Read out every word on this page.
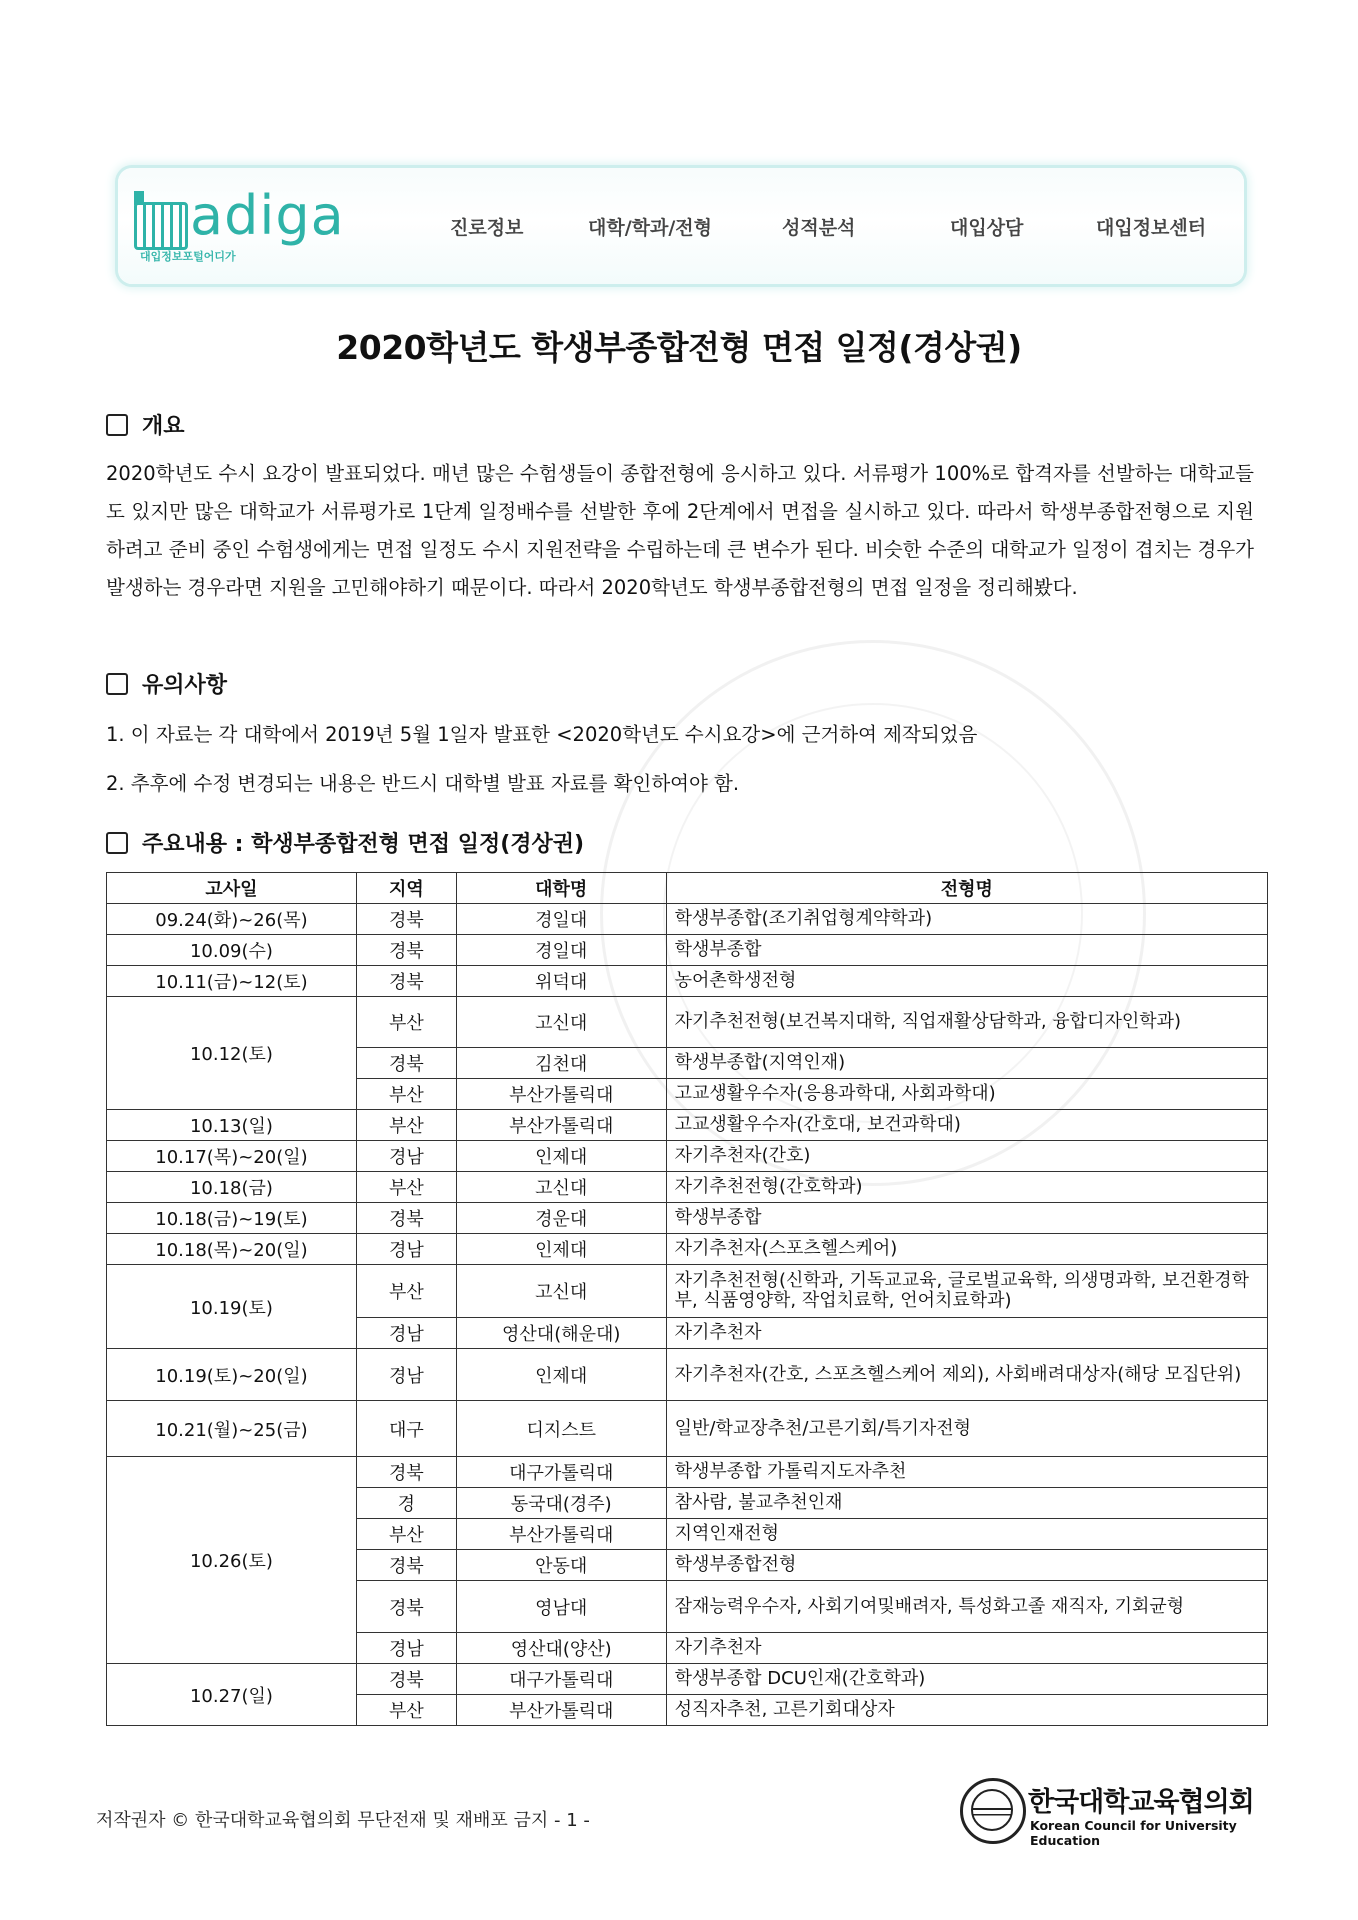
adiga
대입정보포털어디가
진로정보	대학/학과/전형	성적분석	대입상담	대입정보센터
2020학년도 학생부종합전형 면접 일정(경상권)
개요
2020학년도 수시 요강이 발표되었다. 매년 많은 수험생들이 종합전형에 응시하고 있다. 서류평가 100%로 합격자를 선발하는 대학교들도 있지만 많은 대학교가 서류평가로 1단계 일정배수를 선발한 후에 2단계에서 면접을 실시하고 있다. 따라서 학생부종합전형으로 지원하려고 준비 중인 수험생에게는 면접 일정도 수시 지원전략을 수립하는데 큰 변수가 된다. 비슷한 수준의 대학교가 일정이 겹치는 경우가 발생하는 경우라면 지원을 고민해야하기 때문이다. 따라서 2020학년도 학생부종합전형의 면접 일정을 정리해봤다.
유의사항
1. 이 자료는 각 대학에서 2019년 5월 1일자 발표한 <2020학년도 수시요강>에 근거하여 제작되었음
2. 추후에 수정 변경되는 내용은 반드시 대학별 발표 자료를 확인하여야 함.
주요내용 : 학생부종합전형 면접 일정(경상권)
고사일	지역	대학명	전형명
09.24(화)~26(목)	경북	경일대	학생부종합(조기취업형계약학과)
10.09(수)	경북	경일대	학생부종합
10.11(금)~12(토)	경북	위덕대	농어촌학생전형
10.12(토)	부산	고신대	자기추천전형(보건복지대학, 직업재활상담학과, 융합디자인학과)
	경북	김천대	학생부종합(지역인재)
	부산	부산가톨릭대	고교생활우수자(응용과학대, 사회과학대)
10.13(일)	부산	부산가톨릭대	고교생활우수자(간호대, 보건과학대)
10.17(목)~20(일)	경남	인제대	자기추천자(간호)
10.18(금)	부산	고신대	자기추천전형(간호학과)
10.18(금)~19(토)	경북	경운대	학생부종합
10.18(목)~20(일)	경남	인제대	자기추천자(스포츠헬스케어)
10.19(토)	부산	고신대	자기추천전형(신학과, 기독교교육, 글로벌교육학, 의생명과학, 보건환경학부, 식품영양학, 작업치료학, 언어치료학과)
	경남	영산대(해운대)	자기추천자
10.19(토)~20(일)	경남	인제대	자기추천자(간호, 스포츠헬스케어 제외), 사회배려대상자(해당 모집단위)
10.21(월)~25(금)	대구	디지스트	일반/학교장추천/고른기회/특기자전형
10.26(토)	경북	대구가톨릭대	학생부종합 가톨릭지도자추천
	경	동국대(경주)	참사람, 불교추천인재
	부산	부산가톨릭대	지역인재전형
	경북	안동대	학생부종합전형
	경북	영남대	잠재능력우수자, 사회기여및배려자, 특성화고졸 재직자, 기회균형
	경남	영산대(양산)	자기추천자
10.27(일)	경북	대구가톨릭대	학생부종합 DCU인재(간호학과)
	부산	부산가톨릭대	성직자추천, 고른기회대상자
저작권자 © 한국대학교육협의회 무단전재 및 재배포 금지 - 1 -
한국대학교육협의회
Korean Council for University Education
